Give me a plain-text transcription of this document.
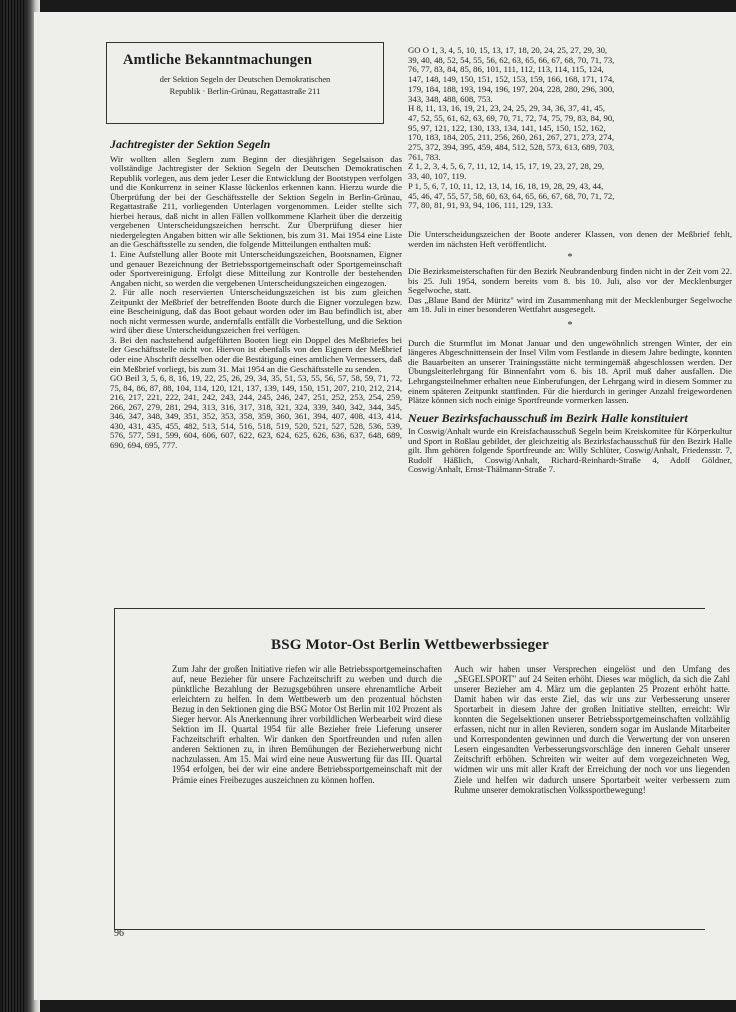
Amtliche Bekanntmachungen
der Sektion Segeln der Deutschen Demokratischen
Republik · Berlin-Grünau, Regattastraße 211
Jachtregister der Sektion Segeln

Wir wollten allen Seglern zum Beginn der diesjährigen Segelsaison das vollständige Jachtregister der Sektion Segeln der Deutschen Demokratischen Republik vorlegen, aus dem jeder Leser die Entwicklung der Bootstypen verfolgen und die Konkurrenz in seiner Klasse lückenlos erkennen kann. Hierzu wurde die Überprüfung der bei der Geschäftsstelle der Sektion Segeln in Berlin-Grünau, Regattastraße 211, vorliegenden Unterlagen vorgenommen. Leider stellte sich hierbei heraus, daß nicht in allen Fällen vollkommene Klarheit über die derzeitig vergebenen Unterscheidungszeichen herrscht. Zur Überprüfung dieser hier niedergelegten Angaben bitten wir alle Sektionen, bis zum 31. Mai 1954 eine Liste an die Geschäftsstelle zu senden, die folgende Mitteilungen enthalten muß:

1. Eine Aufstellung aller Boote mit Unterscheidungszeichen, Bootsnamen, Eigner und genauer Bezeichnung der Betriebssportgemeinschaft oder Sportgemeinschaft oder Sportvereinigung. Erfolgt diese Mitteilung zur Kontrolle der bestehenden Angaben nicht, so werden die vergebenen Unterscheidungszeichen eingezogen.

2. Für alle noch reservierten Unterscheidungszeichen ist bis zum gleichen Zeitpunkt der Meßbrief der betreffenden Boote durch die Eigner vorzulegen bzw. eine Bescheinigung, daß das Boot gebaut worden oder im Bau befindlich ist, aber noch nicht vermessen wurde, andernfalls entfällt die Vorbestellung, und die Sektion wird über diese Unterscheidungszeichen frei verfügen.

3. Bei den nachstehend aufgeführten Booten liegt ein Doppel des Meßbriefes bei der Geschäftsstelle nicht vor. Hiervon ist ebenfalls von den Eignern der Meßbrief oder eine Abschrift desselben oder die Bestätigung eines amtlichen Vermessers, daß ein Meßbrief vorliegt, bis zum 31. Mai 1954 an die Geschäftsstelle zu senden.

GO Beil 3, 5, 6, 8, 16, 19, 22, 25, 26, 29, 34, 35, 51, 53, 55, 56, 57, 58, 59, 71, 72, 75, 84, 86, 87, 88, 104, 114, 120, 121, 137, 139, 149, 150, 151, 207, 210, 212, 214, 216, 217, 221, 222, 241, 242, 243, 244, 245, 246, 247, 251, 252, 253, 254, 259, 266, 267, 279, 281, 294, 313, 316, 317, 318, 321, 324, 339, 340, 342, 344, 345, 346, 347, 348, 349, 351, 352, 353, 358, 359, 360, 361, 394, 407, 408, 413, 414, 430, 431, 435, 455, 482, 513, 514, 516, 518, 519, 520, 521, 527, 528, 536, 539, 576, 577, 591, 599, 604, 606, 607, 622, 623, 624, 625, 626, 636, 637, 648, 689, 690, 694, 695, 777.

GO O 1, 3, 4, 5, 10, 15, 13, 17, 18, 20, 24, 25, 27, 29, 30,
39, 40, 48, 52, 54, 55, 56, 62, 63, 65, 66, 67, 68, 70, 71, 73,
76, 77, 83, 84, 85, 86, 101, 111, 112, 113, 114, 115, 124,
147, 148, 149, 150, 151, 152, 153, 159, 166, 168, 171, 174,
179, 184, 188, 193, 194, 196, 197, 204, 228, 280, 296, 300,
343, 348, 488, 608, 753.
H 8, 11, 13, 16, 19, 21, 23, 24, 25, 29, 34, 36, 37, 41, 45,
47, 52, 55, 61, 62, 63, 69, 70, 71, 72, 74, 75, 79, 83, 84, 90,
95, 97, 121, 122, 130, 133, 134, 141, 145, 150, 152, 162,
170, 183, 184, 205, 211, 256, 260, 261, 267, 271, 273, 274,
275, 372, 394, 395, 459, 484, 512, 528, 573, 613, 689, 703,
761, 783.
Z 1, 2, 3, 4, 5, 6, 7, 11, 12, 14, 15, 17, 19, 23, 27, 28, 29,
33, 40, 107, 119.
P 1, 5, 6, 7, 10, 11, 12, 13, 14, 16, 18, 19, 28, 29, 43, 44,
45, 46, 47, 55, 57, 58, 60, 63, 64, 65, 66, 67, 68, 70, 71, 72,
77, 80, 81, 91, 93, 94, 106, 111, 129, 133.

Die Unterscheidungszeichen der Boote anderer Klassen, von denen der Meßbrief fehlt, werden im nächsten Heft veröffentlicht.

*

Die Bezirksmeisterschaften für den Bezirk Neubrandenburg finden nicht in der Zeit vom 22. bis 25. Juli 1954, sondern bereits vom 8. bis 10. Juli, also vor der Mecklenburger Segelwoche, statt.

Das „Blaue Band der Müritz" wird im Zusammenhang mit der Mecklenburger Segelwoche am 18. Juli in einer besonderen Wettfahrt ausgesegelt.

*

Durch die Sturmflut im Monat Januar und den ungewöhnlich strengen Winter, der ein längeres Abgeschnittensein der Insel Vilm vom Festlande in diesem Jahre bedingte, konnten die Bauarbeiten an unserer Trainingsstätte nicht termingemäß abgeschlossen werden. Der Übungsleiterlehrgang für Binnenfahrt vom 6. bis 18. April muß daher ausfallen. Die Lehrgangsteilnehmer erhalten neue Einberufungen, der Lehrgang wird in diesem Sommer zu einem späteren Zeitpunkt stattfinden. Für die hierdurch in geringer Anzahl freigewordenen Plätze können sich noch einige Sportfreunde vormerken lassen.

Neuer Bezirksfachausschuß im Bezirk Halle konstituiert

In Coswig/Anhalt wurde ein Kreisfachausschuß Segeln beim Kreiskomitee für Körperkultur und Sport in Roßlau gebildet, der gleichzeitig als Bezirksfachausschuß für den Bezirk Halle gilt. Ihm gehören folgende Sportfreunde an: Willy Schlüter, Coswig/Anhalt, Friedensstr. 7, Rudolf Häßlich, Coswig/Anhalt, Richard-Reinhardt-Straße 4, Adolf Göldner, Coswig/Anhalt, Ernst-Thälmann-Straße 7.

BSG Motor-Ost Berlin Wettbewerbssieger
Zum Jahr der großen Initiative riefen wir alle Betriebssportgemeinschaften auf, neue Bezieher für unsere Fachzeitschrift zu werben und durch die pünktliche Bezahlung der Bezugsgebühren unsere ehrenamtliche Arbeit erleichtern zu helfen. In dem Wettbewerb um den prozentual höchsten Bezug in den Sektionen ging die BSG Motor Ost Berlin mit 102 Prozent als Sieger hervor. Als Anerkennung ihrer vorbildlichen Werbearbeit wird diese Sektion im II. Quartal 1954 für alle Bezieher freie Lieferung unserer Fachzeitschrift erhalten. Wir danken den Sportfreunden und rufen allen anderen Sektionen zu, in ihren Bemühungen der Bezieherwerbung nicht nachzulassen. Am 15. Mai wird eine neue Auswertung für das III. Quartal 1954 erfolgen, bei der wir eine andere Betriebssportgemeinschaft mit der Prämie eines Freibezuges auszeichnen zu können hoffen.
Auch wir haben unser Versprechen eingelöst und den Umfang des „SEGELSPORT" auf 24 Seiten erhöht. Dieses war möglich, da sich die Zahl unserer Bezieher am 4. März um die geplanten 25 Prozent erhöht hatte. Damit haben wir das erste Ziel, das wir uns zur Verbesserung unserer Sportarbeit in diesem Jahre der großen Initiative stellten, erreicht: Wir konnten die Segelsektionen unserer Betriebssportgemeinschaften vollzählig erfassen, nicht nur in allen Revieren, sondern sogar im Auslande Mitarbeiter und Korrespondenten gewinnen und durch die Verwertung der von unseren Lesern eingesandten Verbesserungsvorschläge den inneren Gehalt unserer Zeitschrift erhöhen. Schreiten wir weiter auf dem vorgezeichneten Weg, widmen wir uns mit aller Kraft der Erreichung der noch vor uns liegenden Ziele und helfen wir dadurch unsere Sportarbeit weiter verbessern zum Ruhme unserer demokratischen Volkssportbewegung!
96
